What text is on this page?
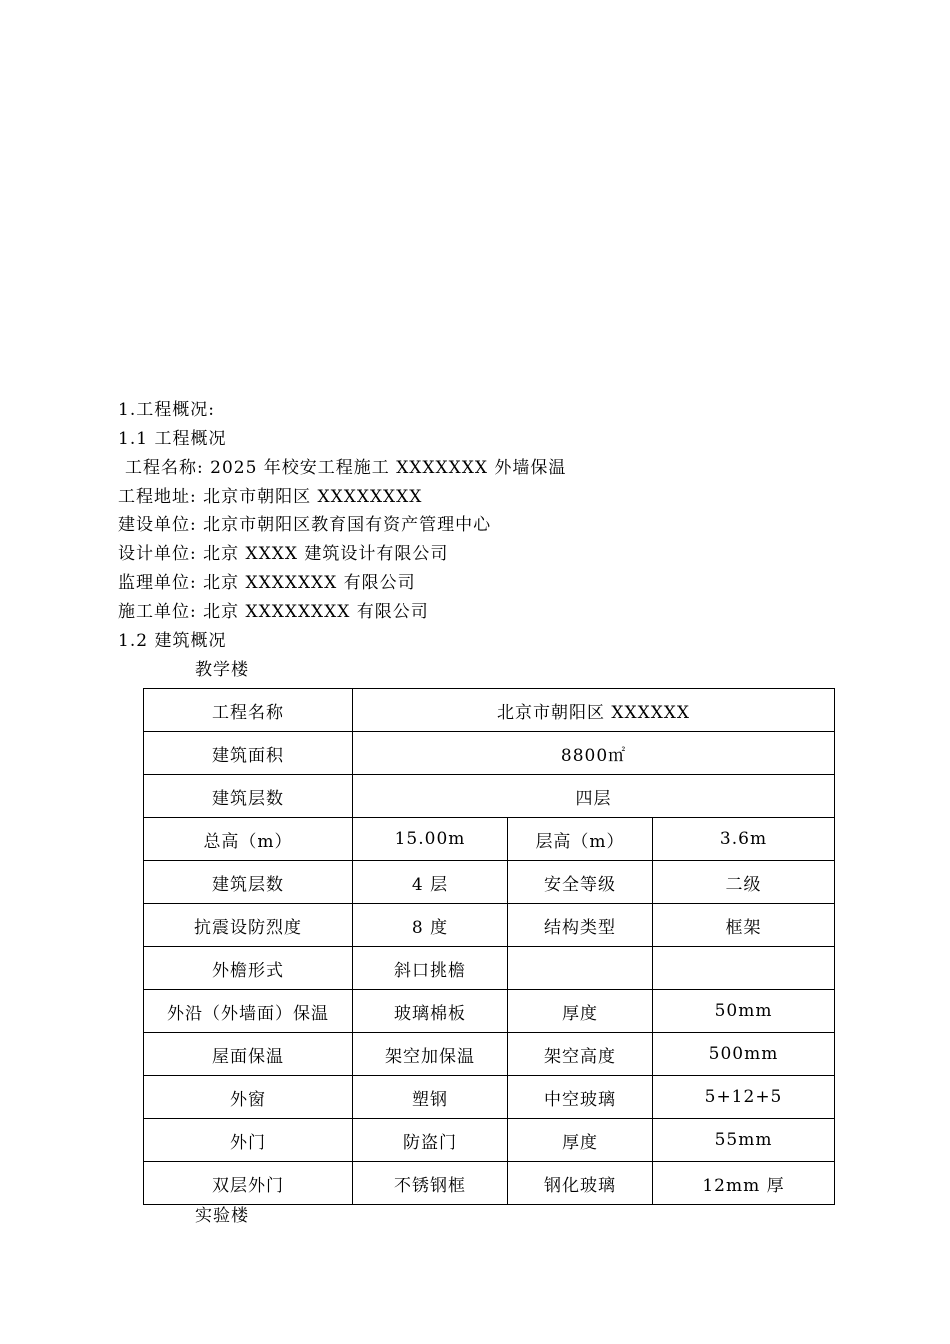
1.工程概况:
1.1 工程概况
工程名称: 2025 年校安工程施工 XXXXXXX 外墙保温
工程地址: 北京市朝阳区 XXXXXXXX
建设单位: 北京市朝阳区教育国有资产管理中心
设计单位: 北京 XXXX 建筑设计有限公司
监理单位: 北京 XXXXXXX 有限公司
施工单位: 北京 XXXXXXXX 有限公司
1.2 建筑概况
教学楼
工程名称	北京市朝阳区 XXXXXX		
建筑面积	8800㎡		
建筑层数	四层		
总高（m）	15.00m	层高（m）	3.6m
建筑层数	4 层	安全等级	二级
抗震设防烈度	8 度	结构类型	框架
外檐形式	斜口挑檐		
外沿（外墙面）保温	玻璃棉板	厚度	50mm
屋面保温	架空加保温	架空高度	500mm
外窗	塑钢	中空玻璃	5+12+5
外门	防盗门	厚度	55mm
双层外门	不锈钢框	钢化玻璃	12mm 厚
实验楼
